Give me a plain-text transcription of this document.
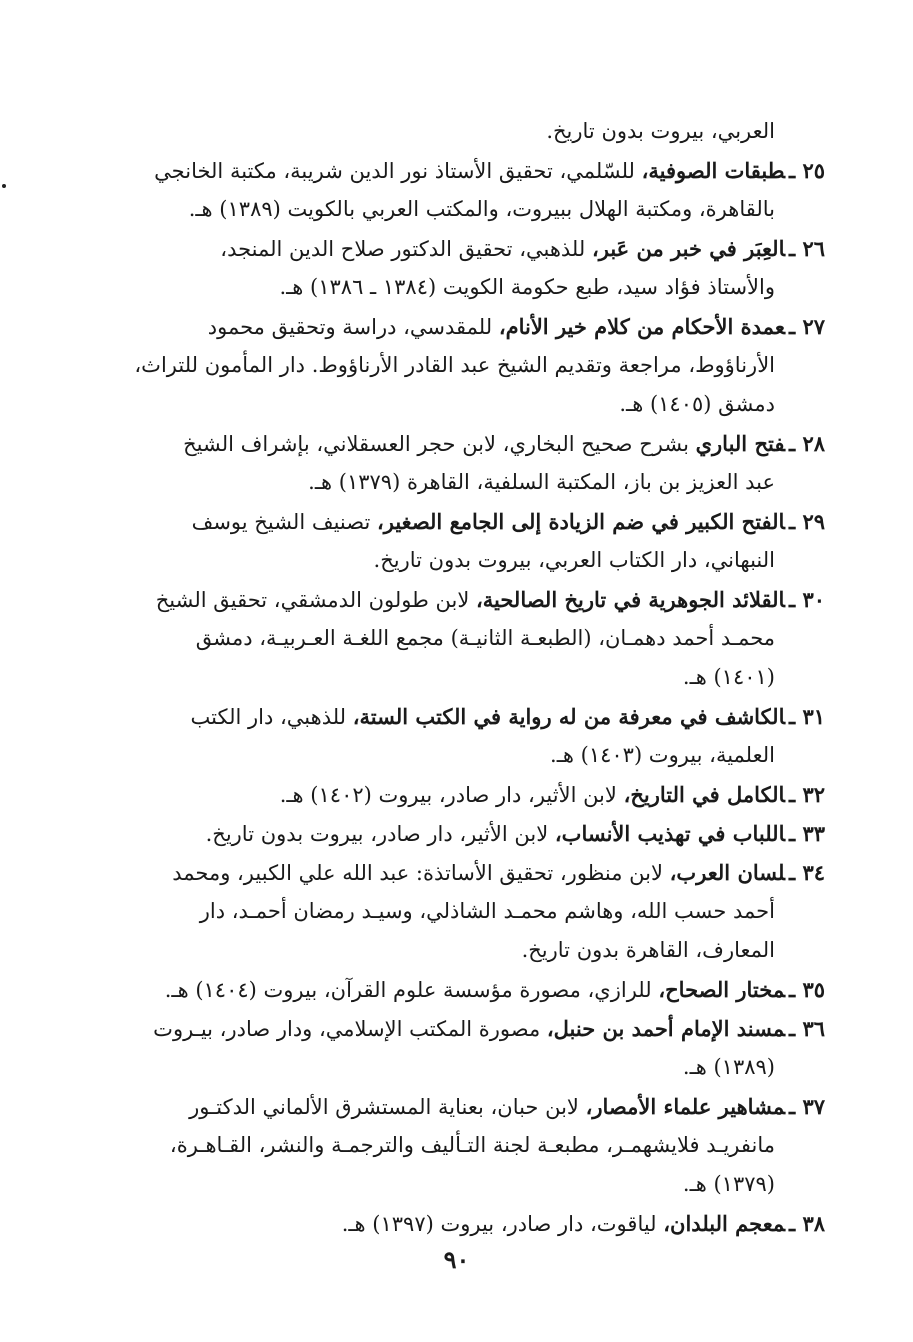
العربي، بيروت بدون تاريخ.
٢٥ ـطبقات الصوفية، للسّلمي، تحقيق الأستاذ نور الدين شريبة، مكتبة الخانجي
بالقاهرة، ومكتبة الهلال ببيروت، والمكتب العربي بالكويت (١٣٨٩) هـ.
٢٦ ـالعِبَر في خبر من عَبر، للذهبي، تحقيق الدكتور صلاح الدين المنجد،
والأستاذ فؤاد سيد، طبع حكومة الكويت (١٣٨٤ ـ ١٣٨٦) هـ.
٢٧ ـعمدة الأحكام من كلام خير الأنام، للمقدسي، دراسة وتحقيق محمود
الأرناؤوط، مراجعة وتقديم الشيخ عبد القادر الأرناؤوط. دار المأمون للتراث،
دمشق (١٤٠٥) هـ.
٢٨ ـفتح الباري بشرح صحيح البخاري، لابن حجر العسقلاني، بإشراف الشيخ
عبد العزيز بن باز، المكتبة السلفية، القاهرة (١٣٧٩) هـ.
٢٩ ـالفتح الكبير في ضم الزيادة إلى الجامع الصغير، تصنيف الشيخ يوسف
النبهاني، دار الكتاب العربي، بيروت بدون تاريخ.
٣٠ ـالقلائد الجوهرية في تاريخ الصالحية، لابن طولون الدمشقي، تحقيق الشيخ
محمـد أحمد دهمـان، (الطبعـة الثانيـة) مجمع اللغـة العـربيـة، دمشق
(١٤٠١) هـ.
٣١ ـالكاشف في معرفة من له رواية في الكتب الستة، للذهبي، دار الكتب
العلمية، بيروت (١٤٠٣) هـ.
٣٢ ـالكامل في التاريخ، لابن الأثير، دار صادر، بيروت (١٤٠٢) هـ.
٣٣ ـاللباب في تهذيب الأنساب، لابن الأثير، دار صادر، بيروت بدون تاريخ.
٣٤ ـلسان العرب، لابن منظور، تحقيق الأساتذة: عبد الله علي الكبير، ومحمد
أحمد حسب الله، وهاشم محمـد الشاذلي، وسيـد رمضان أحمـد، دار
المعارف، القاهرة بدون تاريخ.
٣٥ ـمختار الصحاح، للرازي، مصورة مؤسسة علوم القرآن، بيروت (١٤٠٤) هـ.
٣٦ ـمسند الإمام أحمد بن حنبل، مصورة المكتب الإسلامي، ودار صادر، بيـروت
(١٣٨٩) هـ.
٣٧ ـمشاهير علماء الأمصار، لابن حبان، بعناية المستشرق الألماني الدكتـور
مانفريـد فلايشهمـر، مطبعـة لجنة التـأليف والترجمـة والنشر، القـاهـرة،
(١٣٧٩) هـ.
٣٨ ـمعجم البلدان، لياقوت، دار صادر، بيروت (١٣٩٧) هـ.
٩٠
